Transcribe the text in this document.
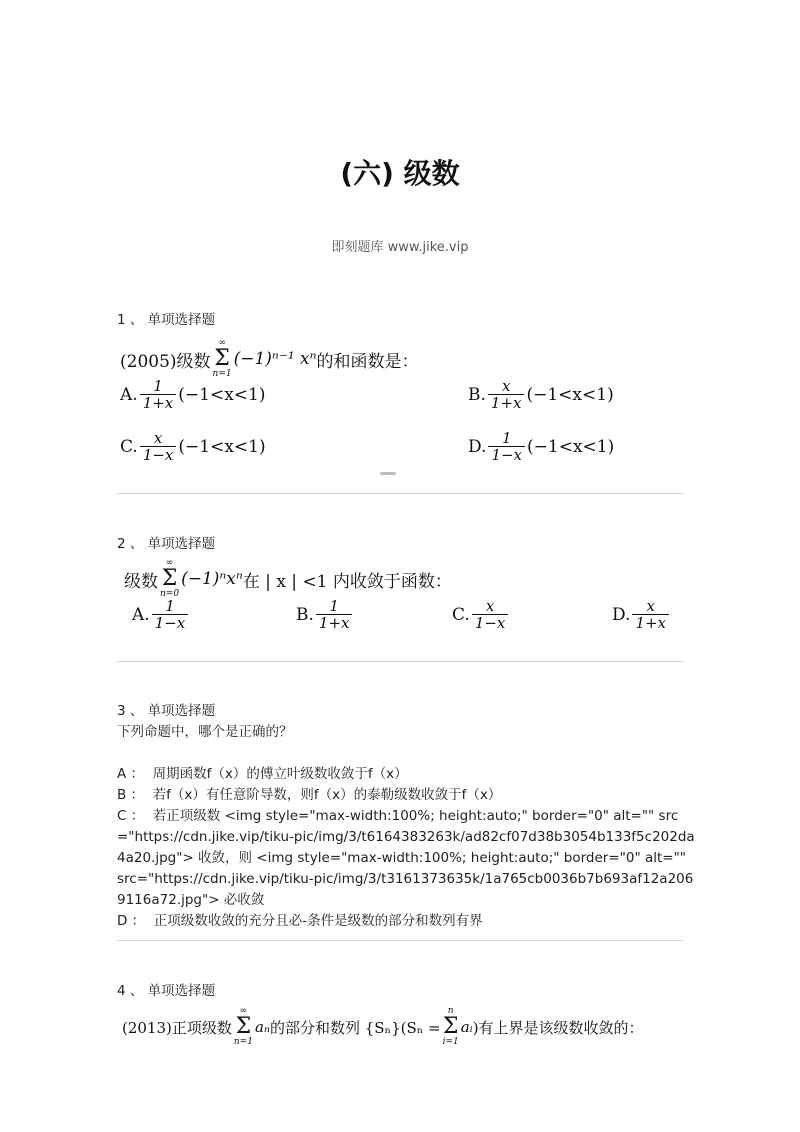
(六) 级数
即刻题库 www.jike.vip
1 、 单项选择题
(2005)级数
∞
Σ
n=1
(−1)ⁿ⁻¹ xⁿ 的和函数是：
A. $\frac{1}{1+x} (-1<x<1)$	B. $\frac{x}{1+x} (-1<x<1)$
C. $\frac{x}{1-x} (-1<x<1)$	D. $\frac{1}{1-x} (-1<x<1)$
2 、 单项选择题
级数
∞
Σ
n=0
(−1)ⁿxⁿ 在 | x | <1 内收敛于函数：
A. $\frac{1}{1-x}$	B. $\frac{1}{1+x}$	C. $\frac{x}{1-x}$	D. $\frac{x}{1+x}$
3 、 单项选择题
下列命题中，哪个是正确的？
A ：  周期函数f（x）的傅立叶级数收敛于f（x）
B ：  若f（x）有任意阶导数，则f（x）的泰勒级数收敛于f（x）
C ：  若正项级数 <img style="max-width:100%; height:auto;" border="0" alt="" src="https://cdn.jike.vip/tiku-pic/img/3/t6164383263k/ad82cf07d38b3054b133f5c202da4a20.jpg"> 收敛，则 <img style="max-width:100%; height:auto;" border="0" alt="" src="https://cdn.jike.vip/tiku-pic/img/3/t3161373635k/1a765cb0036b7b693af12a2069116a72.jpg"> 必收敛
D ：  正项级数收敛的充分且必-条件是级数的部分和数列有界
4 、 单项选择题
(2013)正项级数
∞
Σ
n=1
aₙ 的部分和数列 {Sₙ}(Sₙ =
n
Σ
i=1
aᵢ )有上界是该级数收敛的：
